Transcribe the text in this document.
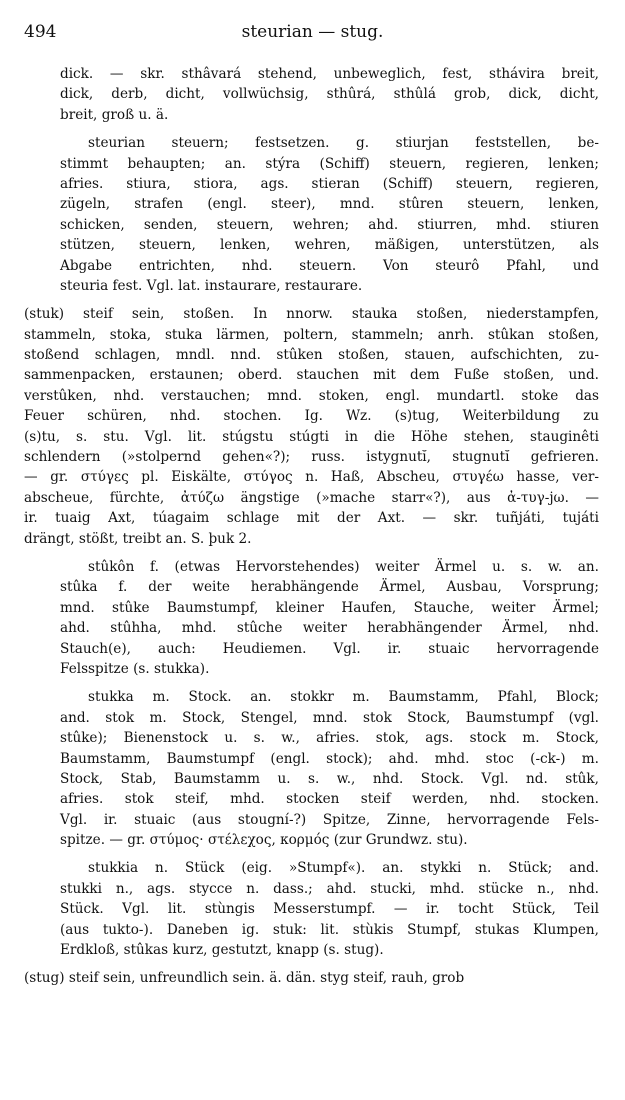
494	steurian — stug.
dick. — skr. sthâvará stehend, unbeweglich, fest, sthávira breit,
dick, derb, dicht, vollwüchsig, sthûrá, sthûlá grob, dick, dicht,
breit, groß u. ä.
steurian steuern; festsetzen. g. stiurjan feststellen, be-
stimmt behaupten; an. stýra (Schiff) steuern, regieren, lenken;
afries. stiura, stiora, ags. stieran (Schiff) steuern, regieren,
zügeln, strafen (engl. steer), mnd. stûren steuern, lenken,
schicken, senden, steuern, wehren; ahd. stiurren, mhd. stiuren
stützen, steuern, lenken, wehren, mäßigen, unterstützen, als
Abgabe entrichten, nhd. steuern. Von steurô Pfahl, und
steuria fest. Vgl. lat. instaurare, restaurare.
(stuk) steif sein, stoßen. In nnorw. stauka stoßen, niederstampfen,
stammeln, stoka, stuka lärmen, poltern, stammeln; anrh. stûkan stoßen,
stoßend schlagen, mndl. nnd. stûken stoßen, stauen, aufschichten, zu-
sammenpacken, erstaunen; oberd. stauchen mit dem Fuße stoßen, und.
verstûken, nhd. verstauchen; mnd. stoken, engl. mundartl. stoke das
Feuer schüren, nhd. stochen. Ig. Wz. (s)tug, Weiterbildung zu
(s)tu, s. stu. Vgl. lit. stúgstu stúgti in die Höhe stehen, stauginêti
schlendern (»stolpernd gehen«?); russ. istygnutĭ, stugnutĭ gefrieren.
— gr. στύγες pl. Eiskälte, στύγος n. Haß, Abscheu, στυγέω hasse, ver-
abscheue, fürchte, ἀτύζω ängstige (»mache starr«?), aus ἀ-τυγ-jω. —
ir. tuaig Axt, túagaim schlage mit der Axt. — skr. tuñjáti, tujáti
drängt, stößt, treibt an. S. þuk 2.
stûkôn f. (etwas Hervorstehendes) weiter Ärmel u. s. w. an.
stûka f. der weite herabhängende Ärmel, Ausbau, Vorsprung;
mnd. stûke Baumstumpf, kleiner Haufen, Stauche, weiter Ärmel;
ahd. stûhha, mhd. stûche weiter herabhängender Ärmel, nhd.
Stauch(e), auch: Heudiemen. Vgl. ir. stuaic hervorragende
Felsspitze (s. stukka).
stukka m. Stock. an. stokkr m. Baumstamm, Pfahl, Block;
and. stok m. Stock, Stengel, mnd. stok Stock, Baumstumpf (vgl.
stûke); Bienenstock u. s. w., afries. stok, ags. stock m. Stock,
Baumstamm, Baumstumpf (engl. stock); ahd. mhd. stoc (-ck-) m.
Stock, Stab, Baumstamm u. s. w., nhd. Stock. Vgl. nd. stûk,
afries. stok steif, mhd. stocken steif werden, nhd. stocken.
Vgl. ir. stuaic (aus stougní-?) Spitze, Zinne, hervorragende Fels-
spitze. — gr. στύμος· στέλεχος, κορμός (zur Grundwz. stu).
stukkia n. Stück (eig. »Stumpf«). an. stykki n. Stück; and.
stukki n., ags. stycce n. dass.; ahd. stucki, mhd. stücke n., nhd.
Stück. Vgl. lit. stùngis Messerstumpf. — ir. tocht Stück, Teil
(aus tukto-). Daneben ig. stuk: lit. stùkis Stumpf, stukas Klumpen,
Erdkloß, stûkas kurz, gestutzt, knapp (s. stug).
(stug) steif sein, unfreundlich sein. ä. dän. styg steif, rauh, grob
